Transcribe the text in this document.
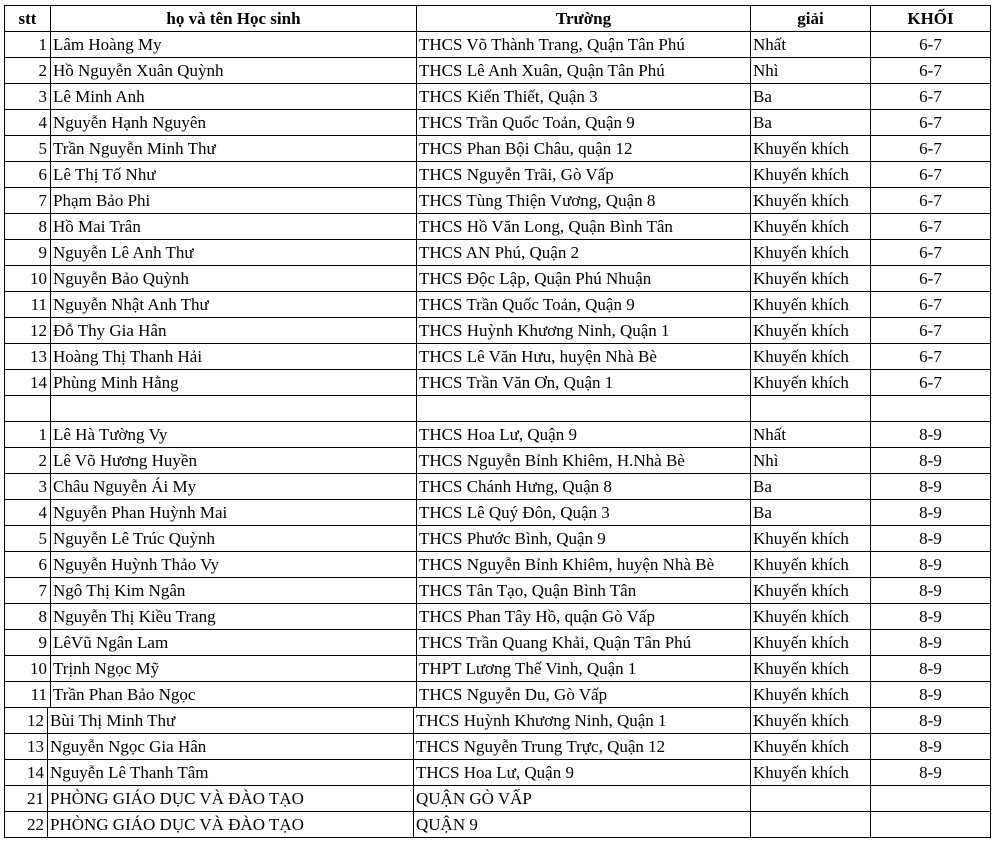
stt	họ và tên Học sinh	Trường	giải	KHỐI
1	Lâm Hoàng My	THCS Võ Thành Trang, Quận Tân Phú	Nhất	6-7
2	Hồ Nguyễn Xuân Quỳnh	THCS Lê Anh Xuân, Quận Tân Phú	Nhì	6-7
3	Lê Minh Anh	THCS Kiến Thiết, Quận 3	Ba	6-7
4	Nguyễn Hạnh Nguyên	THCS Trần Quốc Toản, Quận 9	Ba	6-7
5	Trần Nguyễn Minh Thư	THCS Phan Bội Châu, quận 12	Khuyến khích	6-7
6	Lê Thị Tố Như	THCS Nguyễn Trãi, Gò Vấp	Khuyến khích	6-7
7	Phạm Bảo Phi	THCS Tùng Thiện Vương, Quận 8	Khuyến khích	6-7
8	Hồ Mai Trân	THCS Hồ Văn Long, Quận Bình Tân	Khuyến khích	6-7
9	Nguyễn Lê Anh Thư	THCS AN Phú, Quận 2	Khuyến khích	6-7
10	Nguyễn Bảo Quỳnh	THCS Độc Lập, Quận Phú Nhuận	Khuyến khích	6-7
11	Nguyễn Nhật Anh Thư	THCS Trần Quốc Toản, Quận 9	Khuyến khích	6-7
12	Đỗ Thy Gia Hân	THCS Huỳnh Khương Ninh, Quận 1	Khuyến khích	6-7
13	Hoàng Thị Thanh Hải	THCS Lê Văn Hưu, huyện Nhà Bè	Khuyến khích	6-7
14	Phùng Minh Hằng	THCS Trần Văn Ơn, Quận 1	Khuyến khích	6-7

1	Lê Hà Tường Vy	THCS Hoa Lư, Quận 9	Nhất	8-9
2	Lê Võ Hương Huyền	THCS Nguyễn Bỉnh Khiêm, H.Nhà Bè	Nhì	8-9
3	Châu Nguyễn Ái My	THCS Chánh Hưng, Quận 8	Ba	8-9
4	Nguyễn Phan Huỳnh Mai	THCS Lê Quý Đôn, Quận 3	Ba	8-9
5	Nguyễn Lê Trúc Quỳnh	THCS Phước Bình, Quận 9	Khuyến khích	8-9
6	Nguyễn Huỳnh Thảo Vy	THCS Nguyễn Bỉnh Khiêm, huyện Nhà Bè	Khuyến khích	8-9
7	Ngô Thị Kim Ngân	THCS Tân Tạo, Quận Bình Tân	Khuyến khích	8-9
8	Nguyễn Thị Kiều Trang	THCS Phan Tây Hồ, quận Gò Vấp	Khuyến khích	8-9
9	LêVũ Ngân Lam	THCS Trần Quang Khải, Quận Tân Phú	Khuyến khích	8-9
10	Trịnh Ngọc Mỹ	THPT Lương Thế Vinh, Quận 1	Khuyến khích	8-9
11	Trần Phan Bảo Ngọc	THCS Nguyễn Du, Gò Vấp	Khuyến khích	8-9
12	Bùi Thị Minh Thư	THCS Huỳnh Khương Ninh, Quận 1	Khuyến khích	8-9
13	Nguyễn Ngọc Gia Hân	THCS Nguyễn Trung Trực, Quận 12	Khuyến khích	8-9
14	Nguyễn Lê Thanh Tâm	THCS Hoa Lư, Quận 9	Khuyến khích	8-9
21	PHÒNG GIÁO DỤC VÀ ĐÀO TẠO	QUẬN GÒ VẤP		
22	PHÒNG GIÁO DỤC VÀ ĐÀO TẠO	QUẬN 9		
